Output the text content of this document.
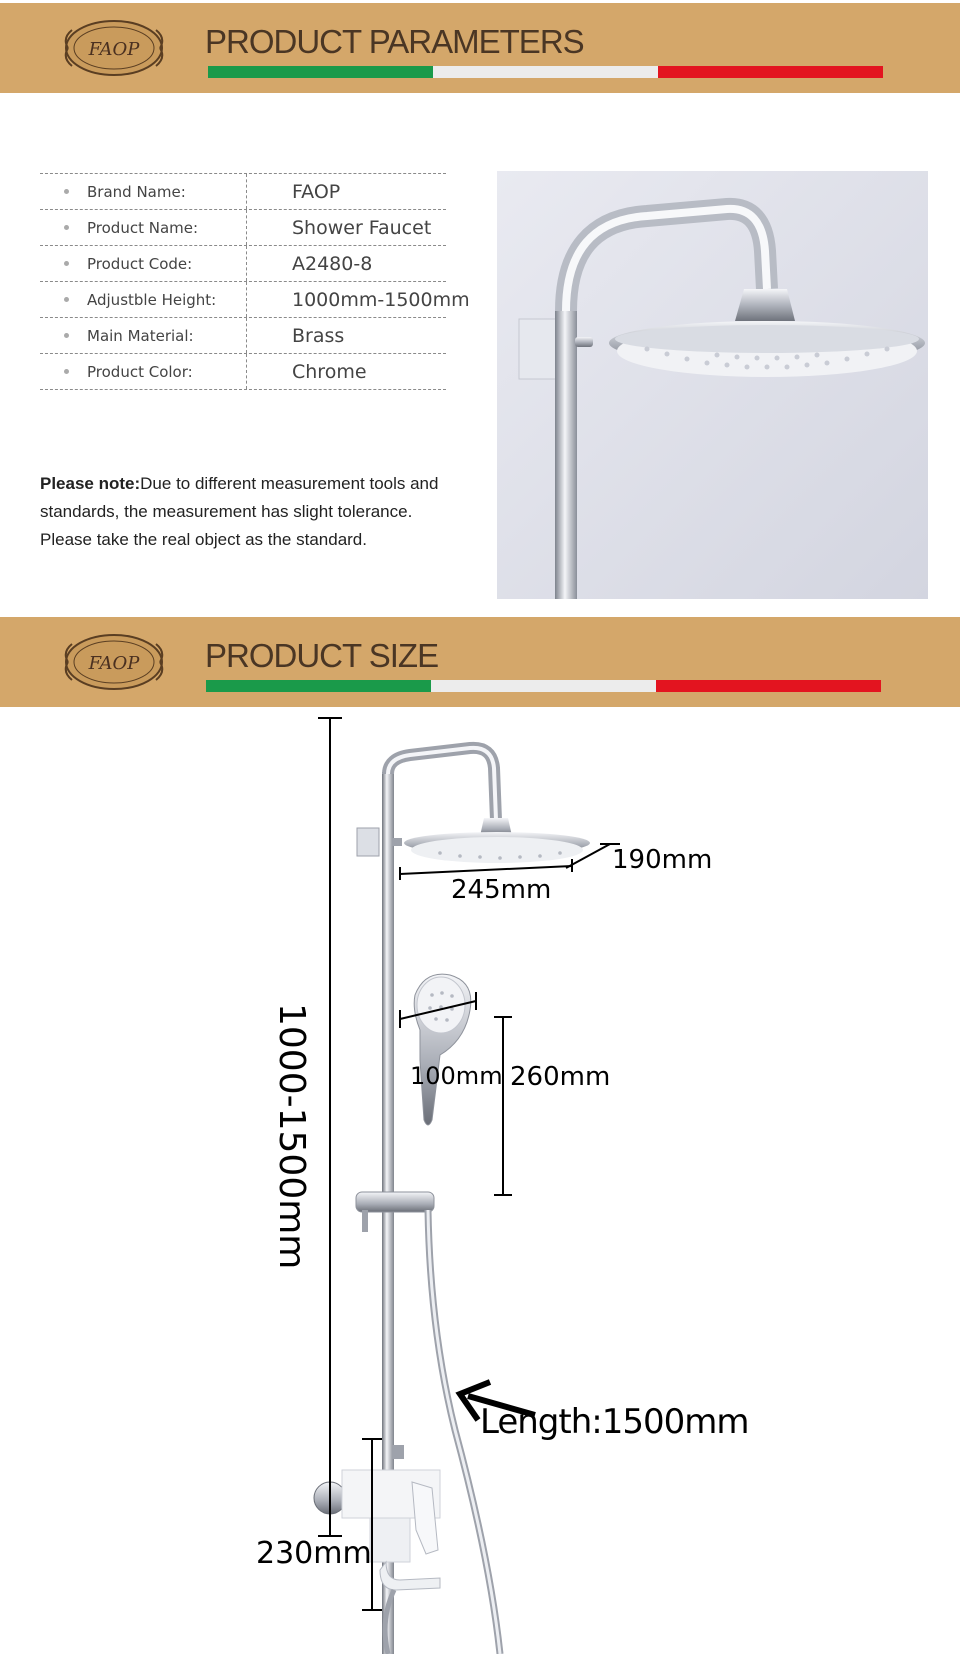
FAOP PRODUCT PARAMETERS
Brand Name:	FAOP
Product Name:	Shower Faucet
Product Code:	A2480-8
Adjustble Height:	1000mm-1500mm
Main Material:	Brass
Product Color:	Chrome
Please note:Due to different measurement tools and
standards, the measurement has slight tolerance.
Please take the real object as the standard.
FAOP PRODUCT SIZE
1000-1500mm
190mm
245mm
100mm 260mm
Length:1500mm
230mm
